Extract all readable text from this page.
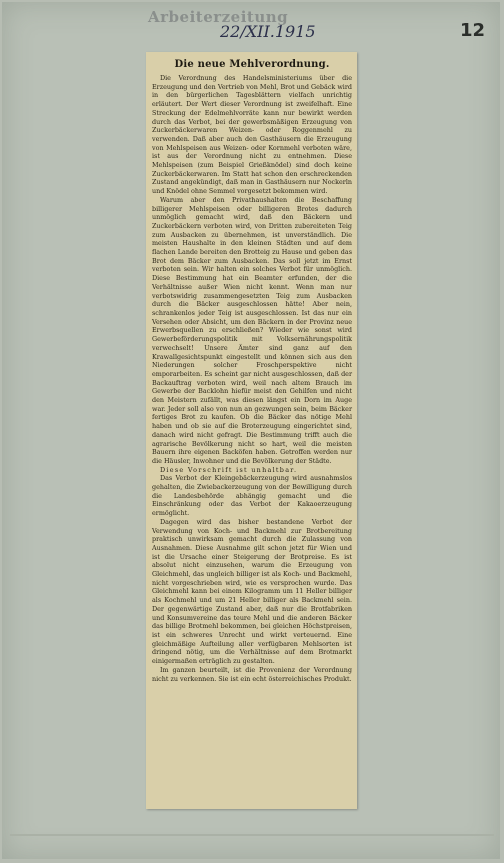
Arbeiterzeitung
22/XII.1915	12
Die neue Mehlverordnung.

Die Verordnung des Handelsministeriums über die Erzeugung und den Vertrieb von Mehl, Brot und Gebäck wird in den bürgerlichen Tagesblättern vielfach unrichtig erläutert. Der Wert dieser Verordnung ist zweifelhaft. Eine Streckung der Edelmehlvorräte kann nur bewirkt werden durch das Verbot, bei der gewerbsmäßigen Erzeugung von Zuckerbäckerwaren Weizen- oder Roggenmehl zu verwenden. Daß aber auch den Gasthäusern die Erzeugung von Mehlspeisen aus Weizen- oder Kornmehl verboten wäre, ist aus der Verordnung nicht zu entnehmen. Diese Mehlspeisen (zum Beispiel Grießknödel) sind doch keine Zuckerbäckerwaren. Im Statt hat schon den erschreckenden Zustand angekündigt, daß man in Gasthäusern nur Nockerln und Knödel ohne Semmel vorgesetzt bekommen wird.

Warum aber den Privathaushalten die Beschaffung billigerer Mehlspeisen oder billigeren Brotes dadurch unmöglich gemacht wird, daß den Bäckern und Zuckerbäckern verboten wird, von Dritten zubereiteten Teig zum Ausbacken zu übernehmen, ist unverständlich. Die meisten Haushalte in den kleinen Städten und auf dem flachen Lande bereiten den Brotteig zu Hause und geben das Brot dem Bäcker zum Ausbacken. Das soll jetzt im Ernst verboten sein. Wir halten ein solches Verbot für unmöglich. Diese Bestimmung hat ein Beamter erfunden, der die Verhältnisse außer Wien nicht kennt. Wenn man nur verbotswidrig zusammengesetzten Teig zum Ausbacken durch die Bäcker ausgeschlossen hätte! Aber nein, schrankenlos jeder Teig ist ausgeschlossen. Ist das nur ein Versehen oder Absicht, um den Bäckern in der Provinz neue Erwerbsquellen zu erschließen? Wieder wie sonst wird Gewerbeförderungspolitik mit Volksernährungspolitik verwechselt! Unsere Ämter sind ganz auf den Krawallgesichtspunkt eingestellt und können sich aus den Niederungen solcher Froschperspektive nicht emporarbeiten. Es scheint gar nicht ausgeschlossen, daß der Backauftrag verboten wird, weil nach altem Brauch im Gewerbe der Backlohn hiefür meist den Gehilfen und nicht den Meistern zufällt, was diesen längst ein Dorn im Auge war. Jeder soll also von nun an gezwungen sein, beim Bäcker fertiges Brot zu kaufen. Ob die Bäcker das nötige Mehl haben und ob sie auf die Broterzeugung eingerichtet sind, danach wird nicht gefragt. Die Bestimmung trifft auch die agrarische Bevölkerung nicht so hart, weil die meisten Bauern ihre eigenen Backöfen haben. Getroffen werden nur die Häusler, Inwohner und die Bevölkerung der Städte.

Diese Vorschrift ist unhaltbar.

Das Verbot der Kleingebäckerzeugung wird ausnahmslos gehalten, die Zwiebackerzeugung von der Bewilligung durch die Landesbehörde abhängig gemacht und die Einschränkung oder das Verbot der Kakaoerzeugung ermöglicht.

Dagegen wird das bisher bestandene Verbot der Verwendung von Koch- und Backmehl zur Brotbereitung praktisch unwirksam gemacht durch die Zulassung von Ausnahmen. Diese Ausnahme gilt schon jetzt für Wien und ist die Ursache einer Steigerung der Brotpreise. Es ist absolut nicht einzusehen, warum die Erzeugung von Gleichmehl, das ungleich billiger ist als Koch- und Backmehl, nicht vorgeschrieben wird, wie es versprochen wurde. Das Gleichmehl kann bei einem Kilogramm um 11 Heller billiger als Kochmehl und um 21 Heller billiger als Backmehl sein. Der gegenwärtige Zustand aber, daß nur die Brotfabriken und Konsumvereine das teure Mehl und die anderen Bäcker das billige Brotmehl bekommen, bei gleichen Höchstpreisen, ist ein schweres Unrecht und wirkt verteuernd. Eine gleichmäßige Aufteilung aller verfügbaren Mehlsorten ist dringend nötig, um die Verhältnisse auf dem Brotmarkt einigermaßen erträglich zu gestalten.

Im ganzen beurteilt, ist die Provenienz der Verordnung nicht zu verkennen. Sie ist ein echt österreichisches Produkt.
